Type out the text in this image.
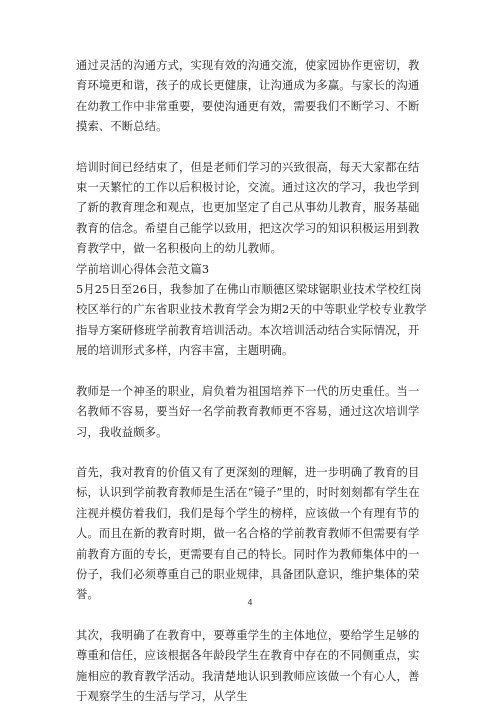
通过灵活的沟通方式，实现有效的沟通交流，使家园协作更密切，教育环境更和谐，孩子的成长更健康，让沟通成为多赢。与家长的沟通在幼教工作中非常重要，要使沟通更有效，需要我们不断学习、不断摸索、不断总结。

培训时间已经结束了，但是老师们学习的兴致很高，每天大家都在结束一天繁忙的工作以后积极讨论，交流。通过这次的学习，我也学到了新的教育理念和观点，也更加坚定了自己从事幼儿教育，服务基础教育的信念。希望自己能学以致用，把这次学习的知识积极运用到教育教学中，做一名积极向上的幼儿教师。

学前培训心得体会范文篇3

5月25日至26日，我参加了在佛山市顺德区梁球锯职业技术学校红岗校区举行的广东省职业技术教育学会为期2天的中等职业学校专业教学指导方案研修班学前教育培训活动。本次培训活动结合实际情况，开展的培训形式多样，内容丰富，主题明确。

教师是一个神圣的职业，肩负着为祖国培养下一代的历史重任。当一名教师不容易，要当好一名学前教育教师更不容易，通过这次培训学习，我收益颇多。

首先，我对教育的价值又有了更深刻的理解，进一步明确了教育的目标，认识到学前教育教师是生活在“镜子”里的，时时刻刻都有学生在注视并模仿着我们，我们是每个学生的榜样，应该做一个有理有节的人。而且在新的教育时期，做一名合格的学前教育教师不但需要有学前教育方面的专长，更需要有自己的特长。同时作为教师集体中的一份子，我们必须尊重自己的职业规律，具备团队意识，维护集体的荣誉。

其次，我明确了在教育中，要尊重学生的主体地位，要给学生足够的尊重和信任，应该根据各年龄段学生在教育中存在的不同侧重点，实施相应的教育教学活动。我清楚地认识到教师应该做一个有心人，善于观察学生的生活与学习，从学生

4
